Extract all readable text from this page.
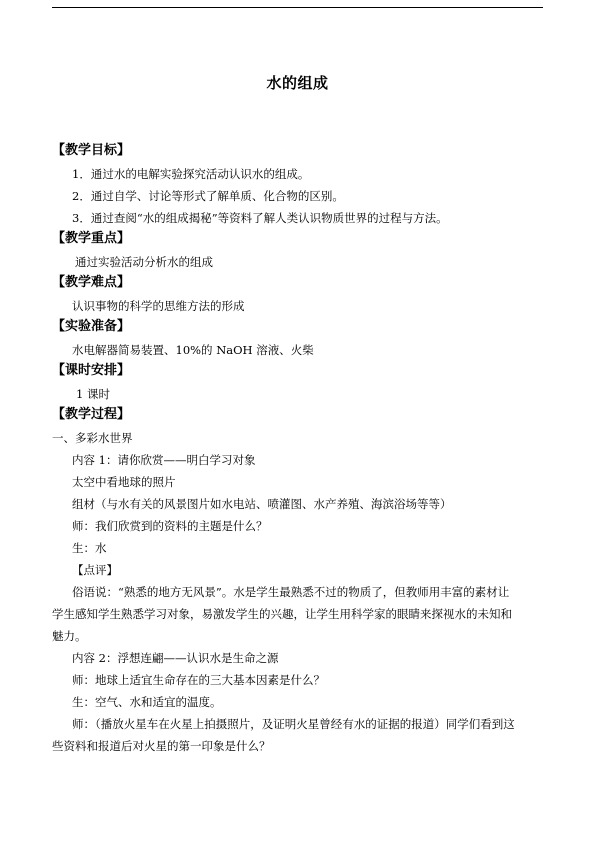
水的组成
【教学目标】
1．通过水的电解实验探究活动认识水的组成。
2．通过自学、讨论等形式了解单质、化合物的区别。
3．通过查阅“水的组成揭秘”等资料了解人类认识物质世界的过程与方法。
【教学重点】
通过实验活动分析水的组成
【教学难点】
认识事物的科学的思维方法的形成
【实验准备】
水电解器简易装置、10%的 NaOH 溶液、火柴
【课时安排】
1 课时
【教学过程】
一、多彩水世界
内容 1：请你欣赏——明白学习对象
太空中看地球的照片
组材（与水有关的风景图片如水电站、喷灌图、水产养殖、海滨浴场等等）
师：我们欣赏到的资料的主题是什么？
生：水
【点评】
俗语说：“熟悉的地方无风景”。水是学生最熟悉不过的物质了，但教师用丰富的素材让
学生感知学生熟悉学习对象，易激发学生的兴趣，让学生用科学家的眼睛来探视水的未知和
魅力。
内容 2：浮想连翩——认识水是生命之源
师：地球上适宜生命存在的三大基本因素是什么？
生：空气、水和适宜的温度。
师：（播放火星车在火星上拍摄照片，及证明火星曾经有水的证据的报道）同学们看到这
些资料和报道后对火星的第一印象是什么？
